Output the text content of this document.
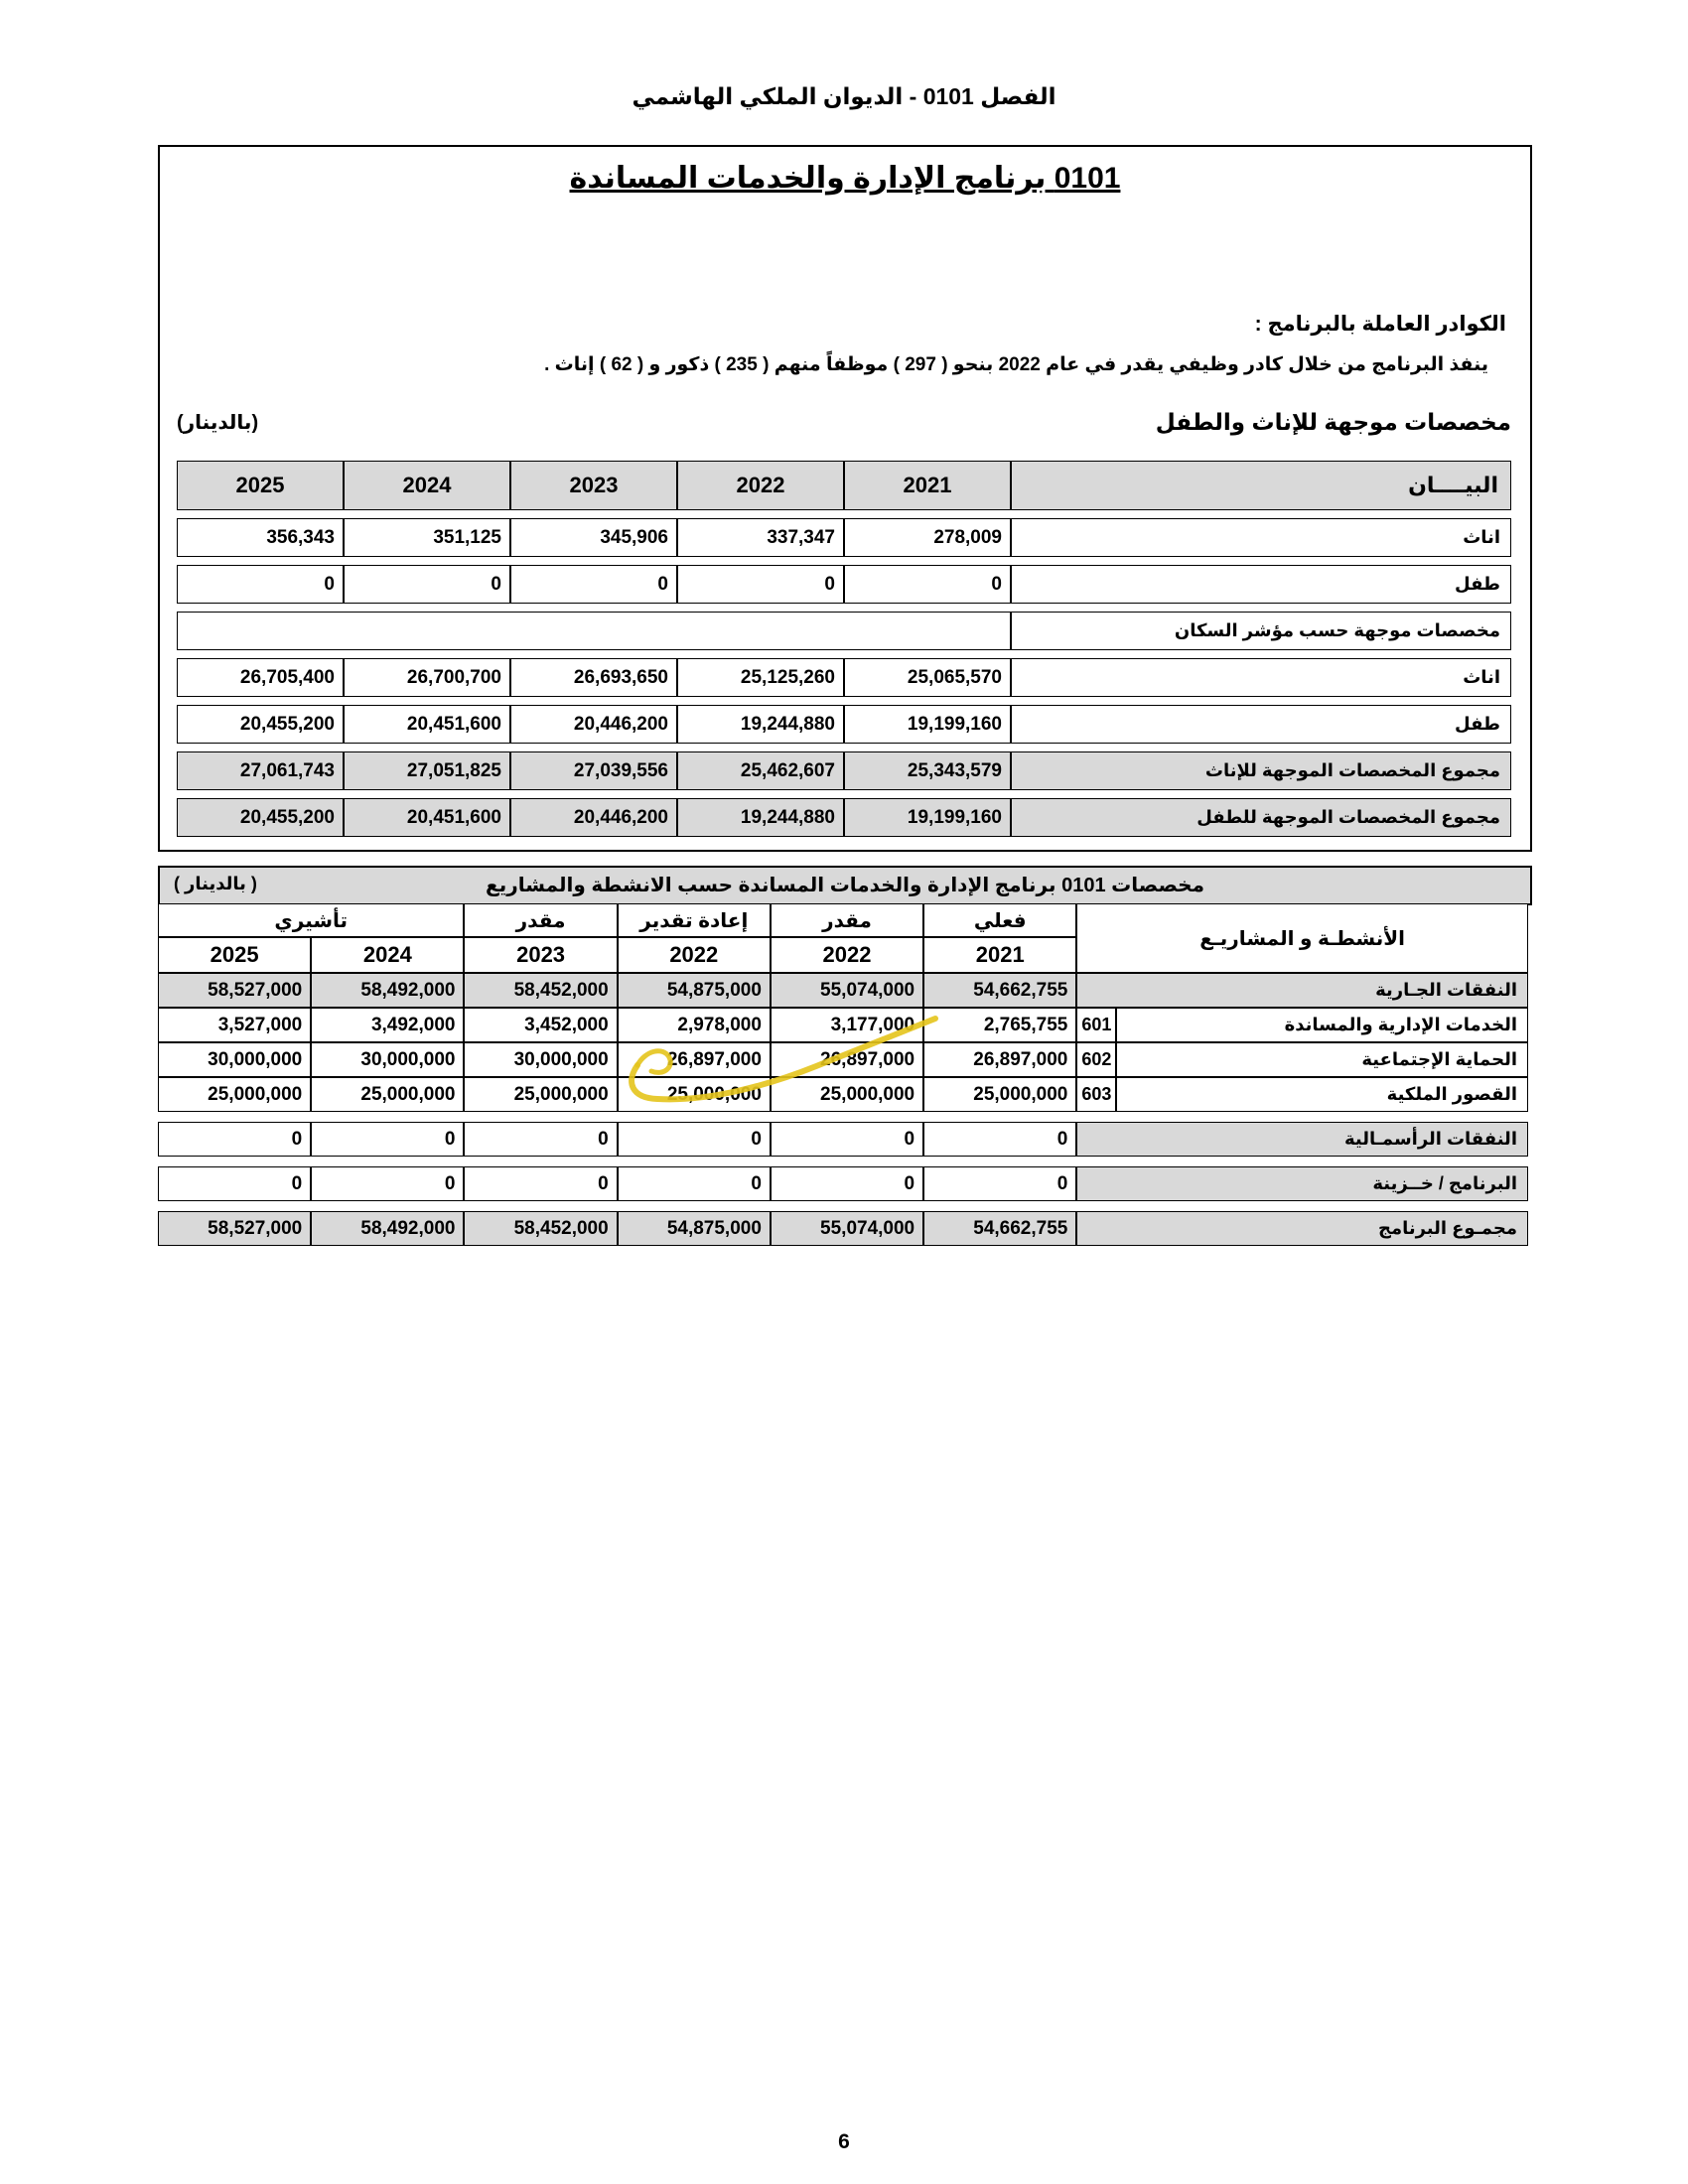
الفصل 0101 - الديوان الملكي الهاشمي
0101 برنامج الإدارة والخدمات المساندة
الكوادر العاملة بالبرنامج :
ينفذ البرنامج من خلال كادر وظيفي يقدر في عام 2022 بنحو ( 297 ) موظفاً منهم ( 235 ) ذكور و ( 62 ) إناث .
مخصصات موجهة للإناث والطفل
(بالدينار)
البيــــان	2021	2022	2023	2024	2025
اناث	278,009	337,347	345,906	351,125	356,343
طفل	0	0	0	0	0
مخصصات موجهة حسب مؤشر السكان					
اناث	25,065,570	25,125,260	26,693,650	26,700,700	26,705,400
طفل	19,199,160	19,244,880	20,446,200	20,451,600	20,455,200
مجموع المخصصات الموجهة للإناث	25,343,579	25,462,607	27,039,556	27,051,825	27,061,743
مجموع المخصصات الموجهة للطفل	19,199,160	19,244,880	20,446,200	20,451,600	20,455,200
مخصصات 0101 برنامج الإدارة والخدمات المساندة حسب الانشطة والمشاريع
( بالدينار )
الأنشطـة و المشاريـع		فعلي	مقدر	إعادة تقدير	مقدر	تأشيري	
		2021	2022	2022	2023	2024	2025
النفقات الجـارية		54,662,755	55,074,000	54,875,000	58,452,000	58,492,000	58,527,000
الخدمات الإدارية والمساندة	601	2,765,755	3,177,000	2,978,000	3,452,000	3,492,000	3,527,000
الحماية الإجتماعية	602	26,897,000	26,897,000	26,897,000	30,000,000	30,000,000	30,000,000
القصور الملكية	603	25,000,000	25,000,000	25,000,000	25,000,000	25,000,000	25,000,000

النفقات الرأسمـالية		0	0	0	0	0	0

البرنامج / خــزينة		0	0	0	0	0	0

مجمـوع البرنامج		54,662,755	55,074,000	54,875,000	58,452,000	58,492,000	58,527,000
6
